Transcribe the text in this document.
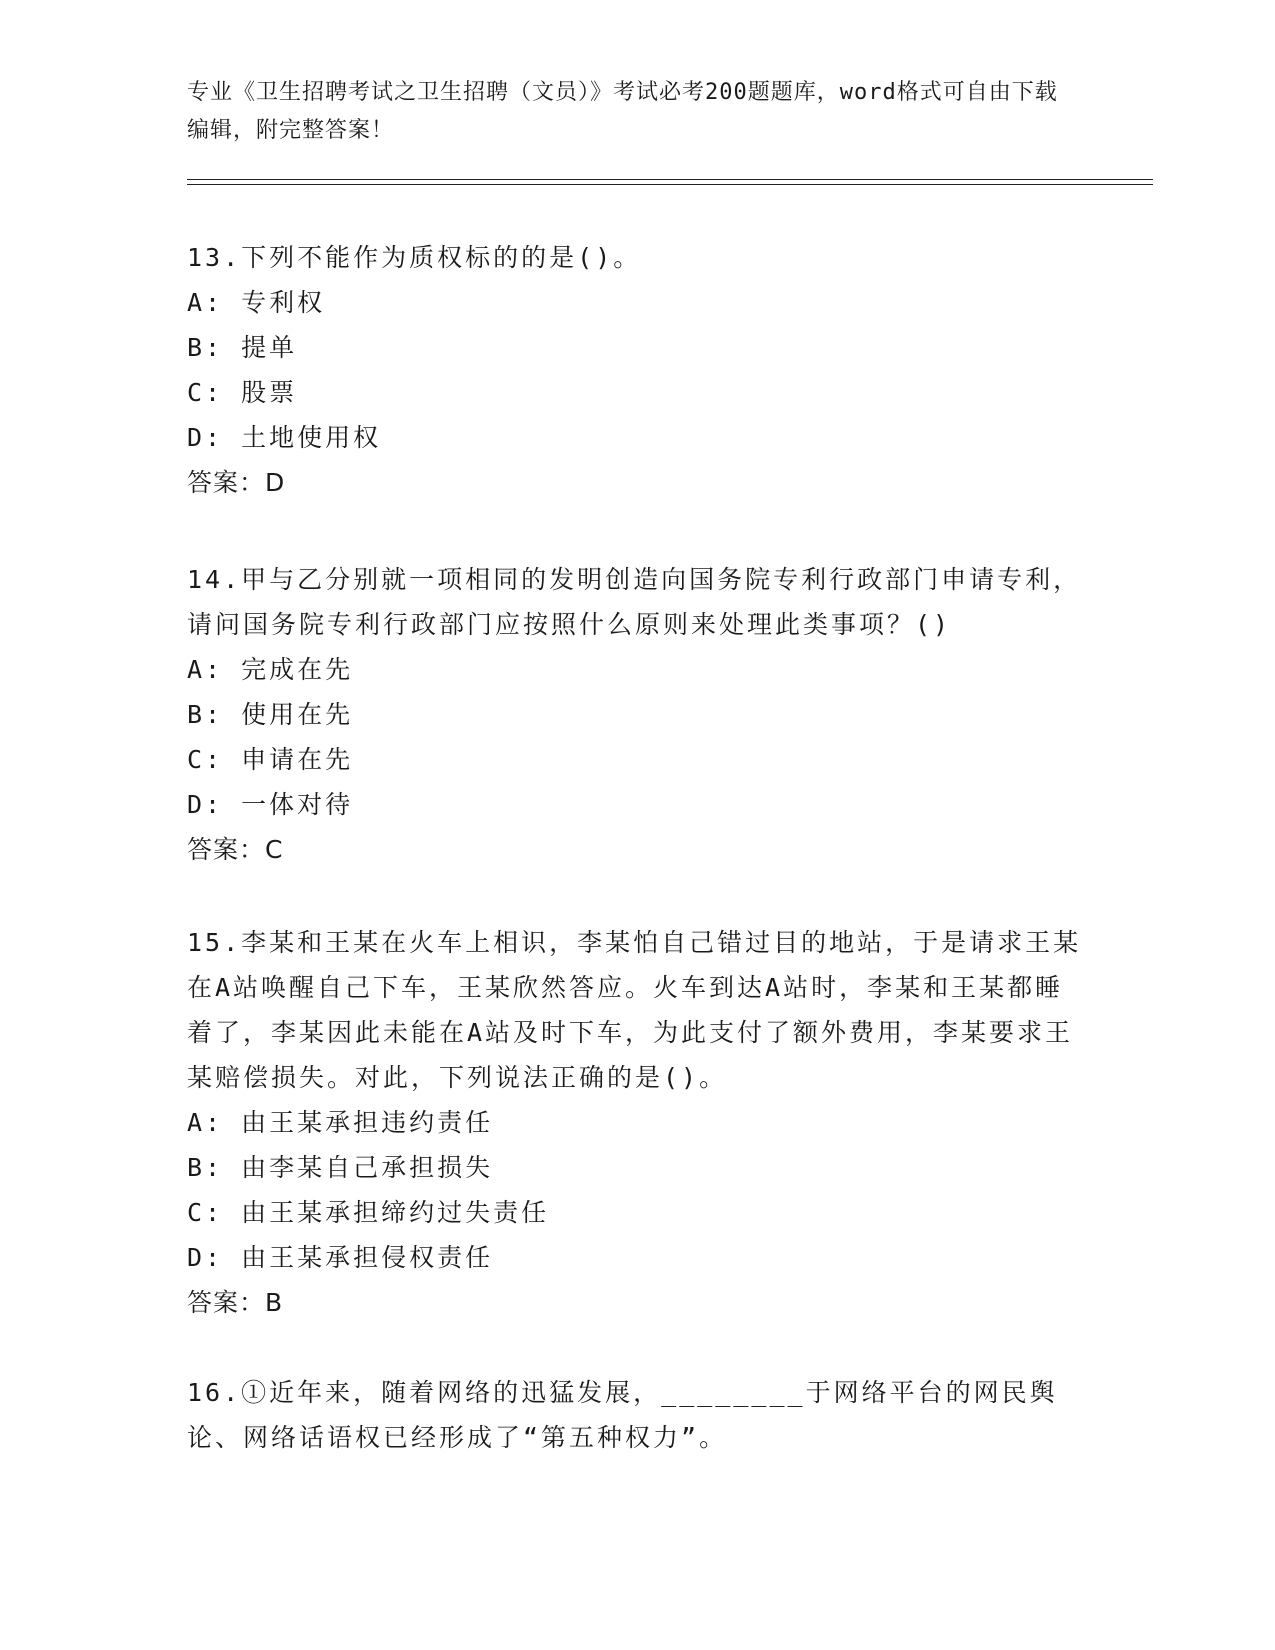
专业《卫生招聘考试之卫生招聘（文员）》考试必考200题题库，word格式可自由下载编辑，附完整答案！

13.下列不能作为质权标的的是()。

A: 专利权

B: 提单

C: 股票

D: 土地使用权

答案：D

14.甲与乙分别就一项相同的发明创造向国务院专利行政部门申请专利，请问国务院专利行政部门应按照什么原则来处理此类事项？()

A: 完成在先

B: 使用在先

C: 申请在先

D: 一体对待

答案：C

15.李某和王某在火车上相识，李某怕自己错过目的地站，于是请求王某在A站唤醒自己下车，王某欣然答应。火车到达A站时，李某和王某都睡着了，李某因此未能在A站及时下车，为此支付了额外费用，李某要求王某赔偿损失。对此，下列说法正确的是()。

A: 由王某承担违约责任

B: 由李某自己承担损失

C: 由王某承担缔约过失责任

D: 由王某承担侵权责任

答案：B

16.①近年来，随着网络的迅猛发展，________于网络平台的网民舆论、网络话语权已经形成了“第五种权力”。
